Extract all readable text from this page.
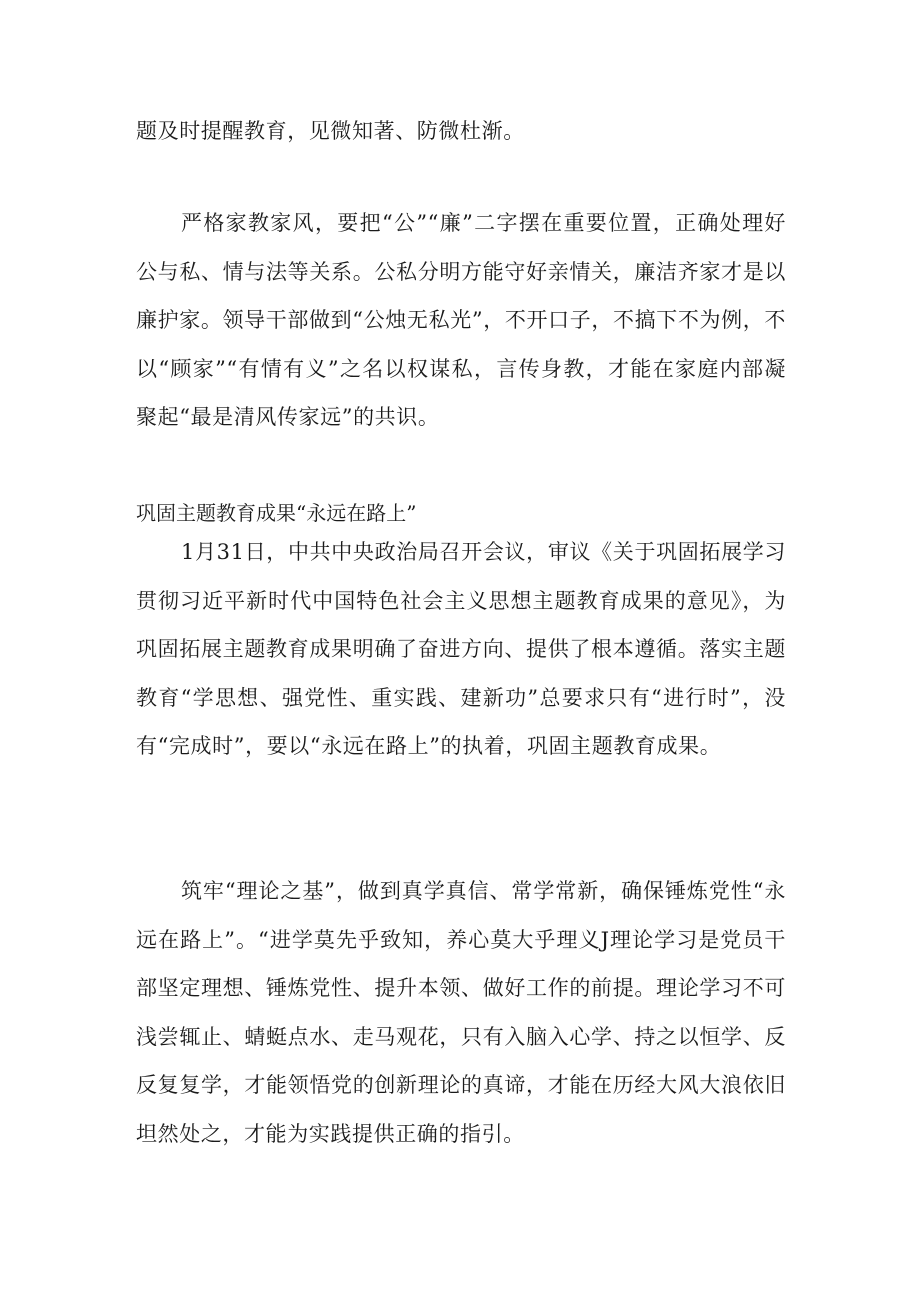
题及时提醒教育，见微知著、防微杜渐。

严格家教家风，要把“公”“廉”二字摆在重要位置，正确处理好公与私、情与法等关系。公私分明方能守好亲情关，廉洁齐家才是以廉护家。领导干部做到“公烛无私光”，不开口子，不搞下不为例，不以“顾家”“有情有义”之名以权谋私，言传身教，才能在家庭内部凝聚起“最是清风传家远”的共识。

巩固主题教育成果“永远在路上”

1月31日，中共中央政治局召开会议，审议《关于巩固拓展学习贯彻习近平新时代中国特色社会主义思想主题教育成果的意见》，为巩固拓展主题教育成果明确了奋进方向、提供了根本遵循。落实主题教育“学思想、强党性、重实践、建新功”总要求只有“进行时”，没有“完成时”，要以“永远在路上”的执着，巩固主题教育成果。

筑牢“理论之基”，做到真学真信、常学常新，确保锤炼党性“永远在路上”。“进学莫先乎致知，养心莫大乎理义J理论学习是党员干部坚定理想、锤炼党性、提升本领、做好工作的前提。理论学习不可浅尝辄止、蜻蜓点水、走马观花，只有入脑入心学、持之以恒学、反反复复学，才能领悟党的创新理论的真谛，才能在历经大风大浪依旧坦然处之，才能为实践提供正确的指引。
